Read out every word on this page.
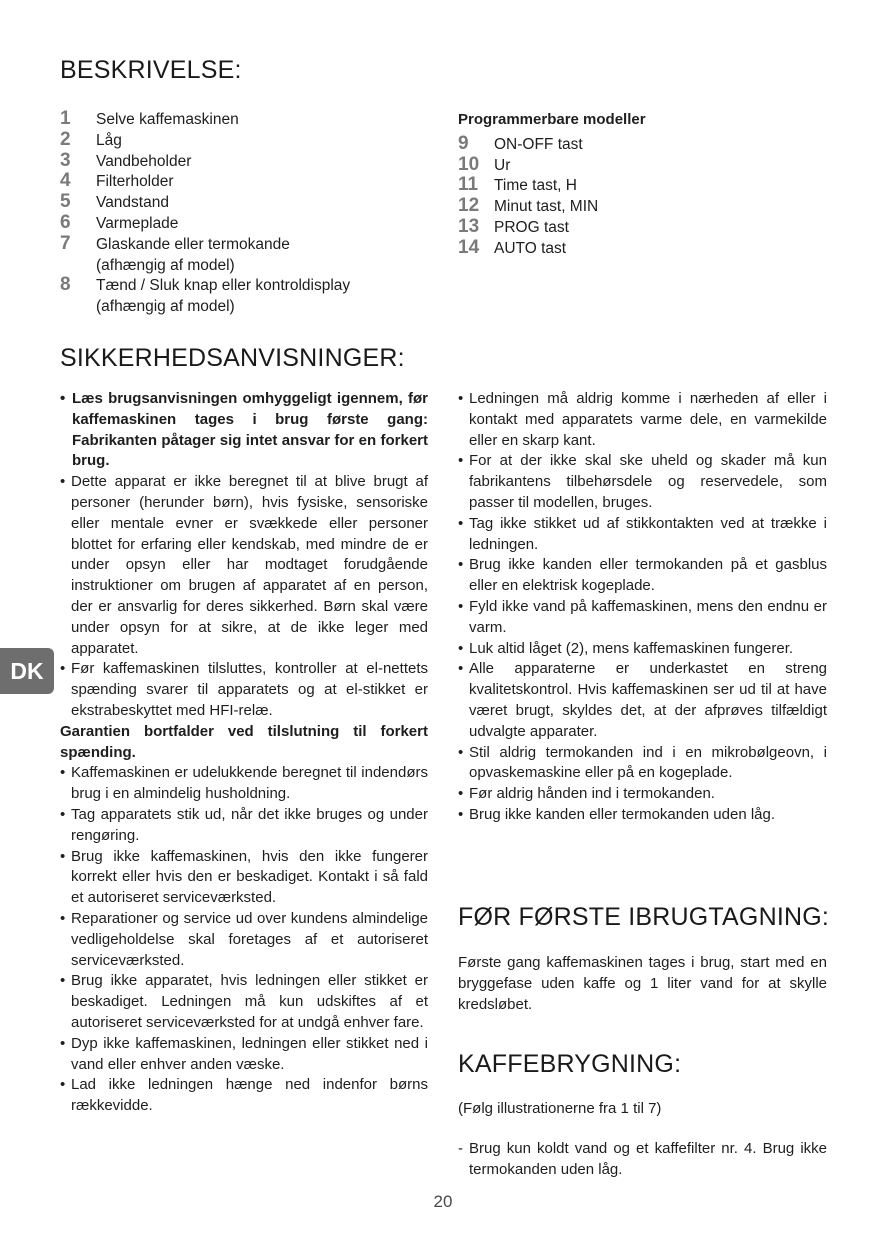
BESKRIVELSE:
SIKKERHEDSANVISNINGER:
FØR FØRSTE IBRUGTAGNING:
KAFFEBRYGNING:
1 Selve kaffemaskinen
2 Låg
3 Vandbeholder
4 Filterholder
5 Vandstand
6 Varmeplade
7 Glaskande eller termokande
(afhængig af model)
8 Tænd / Sluk knap eller kontroldisplay
(afhængig af model)
Programmerbare modeller
9 ON-OFF tast
10 Ur
11 Time tast, H
12 Minut tast, MIN
13 PROG tast
14 AUTO tast

• Læs brugsanvisningen omhyggeligt igennem, før kaffemaskinen tages i brug første gang: Fabrikanten påtager sig intet ansvar for en forkert brug.

• Dette apparat er ikke beregnet til at blive brugt af personer (herunder børn), hvis fysiske, sensoriske eller mentale evner er svækkede eller personer blottet for erfaring eller kendskab, med mindre de er under opsyn eller har modtaget forudgående instruktioner om brugen af apparatet af en person, der er ansvarlig for deres sikkerhed. Børn skal være under opsyn for at sikre, at de ikke leger med apparatet.

• Før kaffemaskinen tilsluttes, kontroller at el-nettets spænding svarer til apparatets og at el-stikket er ekstrabeskyttet med HFI-relæ.

Garantien bortfalder ved tilslutning til forkert spænding.

• Kaffemaskinen er udelukkende beregnet til indendørs brug i en almindelig husholdning.

• Tag apparatets stik ud, når det ikke bruges og under rengøring.

• Brug ikke kaffemaskinen, hvis den ikke fungerer korrekt eller hvis den er beskadiget. Kontakt i så fald et autoriseret serviceværksted.

• Reparationer og service ud over kundens almindelige vedligeholdelse skal foretages af et autoriseret serviceværksted.

• Brug ikke apparatet, hvis ledningen eller stikket er beskadiget. Ledningen må kun udskiftes af et autoriseret serviceværksted for at undgå enhver fare.

• Dyp ikke kaffemaskinen, ledningen eller stikket ned i vand eller enhver anden væske.

• Lad ikke ledningen hænge ned indenfor børns rækkevidde.

• Ledningen må aldrig komme i nærheden af eller i kontakt med apparatets varme dele, en varmekilde eller en skarp kant.

• For at der ikke skal ske uheld og skader må kun fabrikantens tilbehørsdele og reservedele, som passer til modellen, bruges.

• Tag ikke stikket ud af stikkontakten ved at trække i ledningen.

• Brug ikke kanden eller termokanden på et gasblus eller en elektrisk kogeplade.

• Fyld ikke vand på kaffemaskinen, mens den endnu er varm.

• Luk altid låget (2), mens kaffemaskinen fungerer.

• Alle apparaterne er underkastet en streng kvalitetskontrol. Hvis kaffemaskinen ser ud til at have været brugt, skyldes det, at der afprøves tilfældigt udvalgte apparater.

• Stil aldrig termokanden ind i en mikrobølgeovn, i opvaskemaskine eller på en kogeplade.

• Før aldrig hånden ind i termokanden.

• Brug ikke kanden eller termokanden uden låg.

Første gang kaffemaskinen tages i brug, start med en bryggefase uden kaffe og 1 liter vand for at skylle kredsløbet.

(Følg illustrationerne fra 1 til 7)

- Brug kun koldt vand og et kaffefilter nr. 4. Brug ikke termokanden uden låg.

DK
20
